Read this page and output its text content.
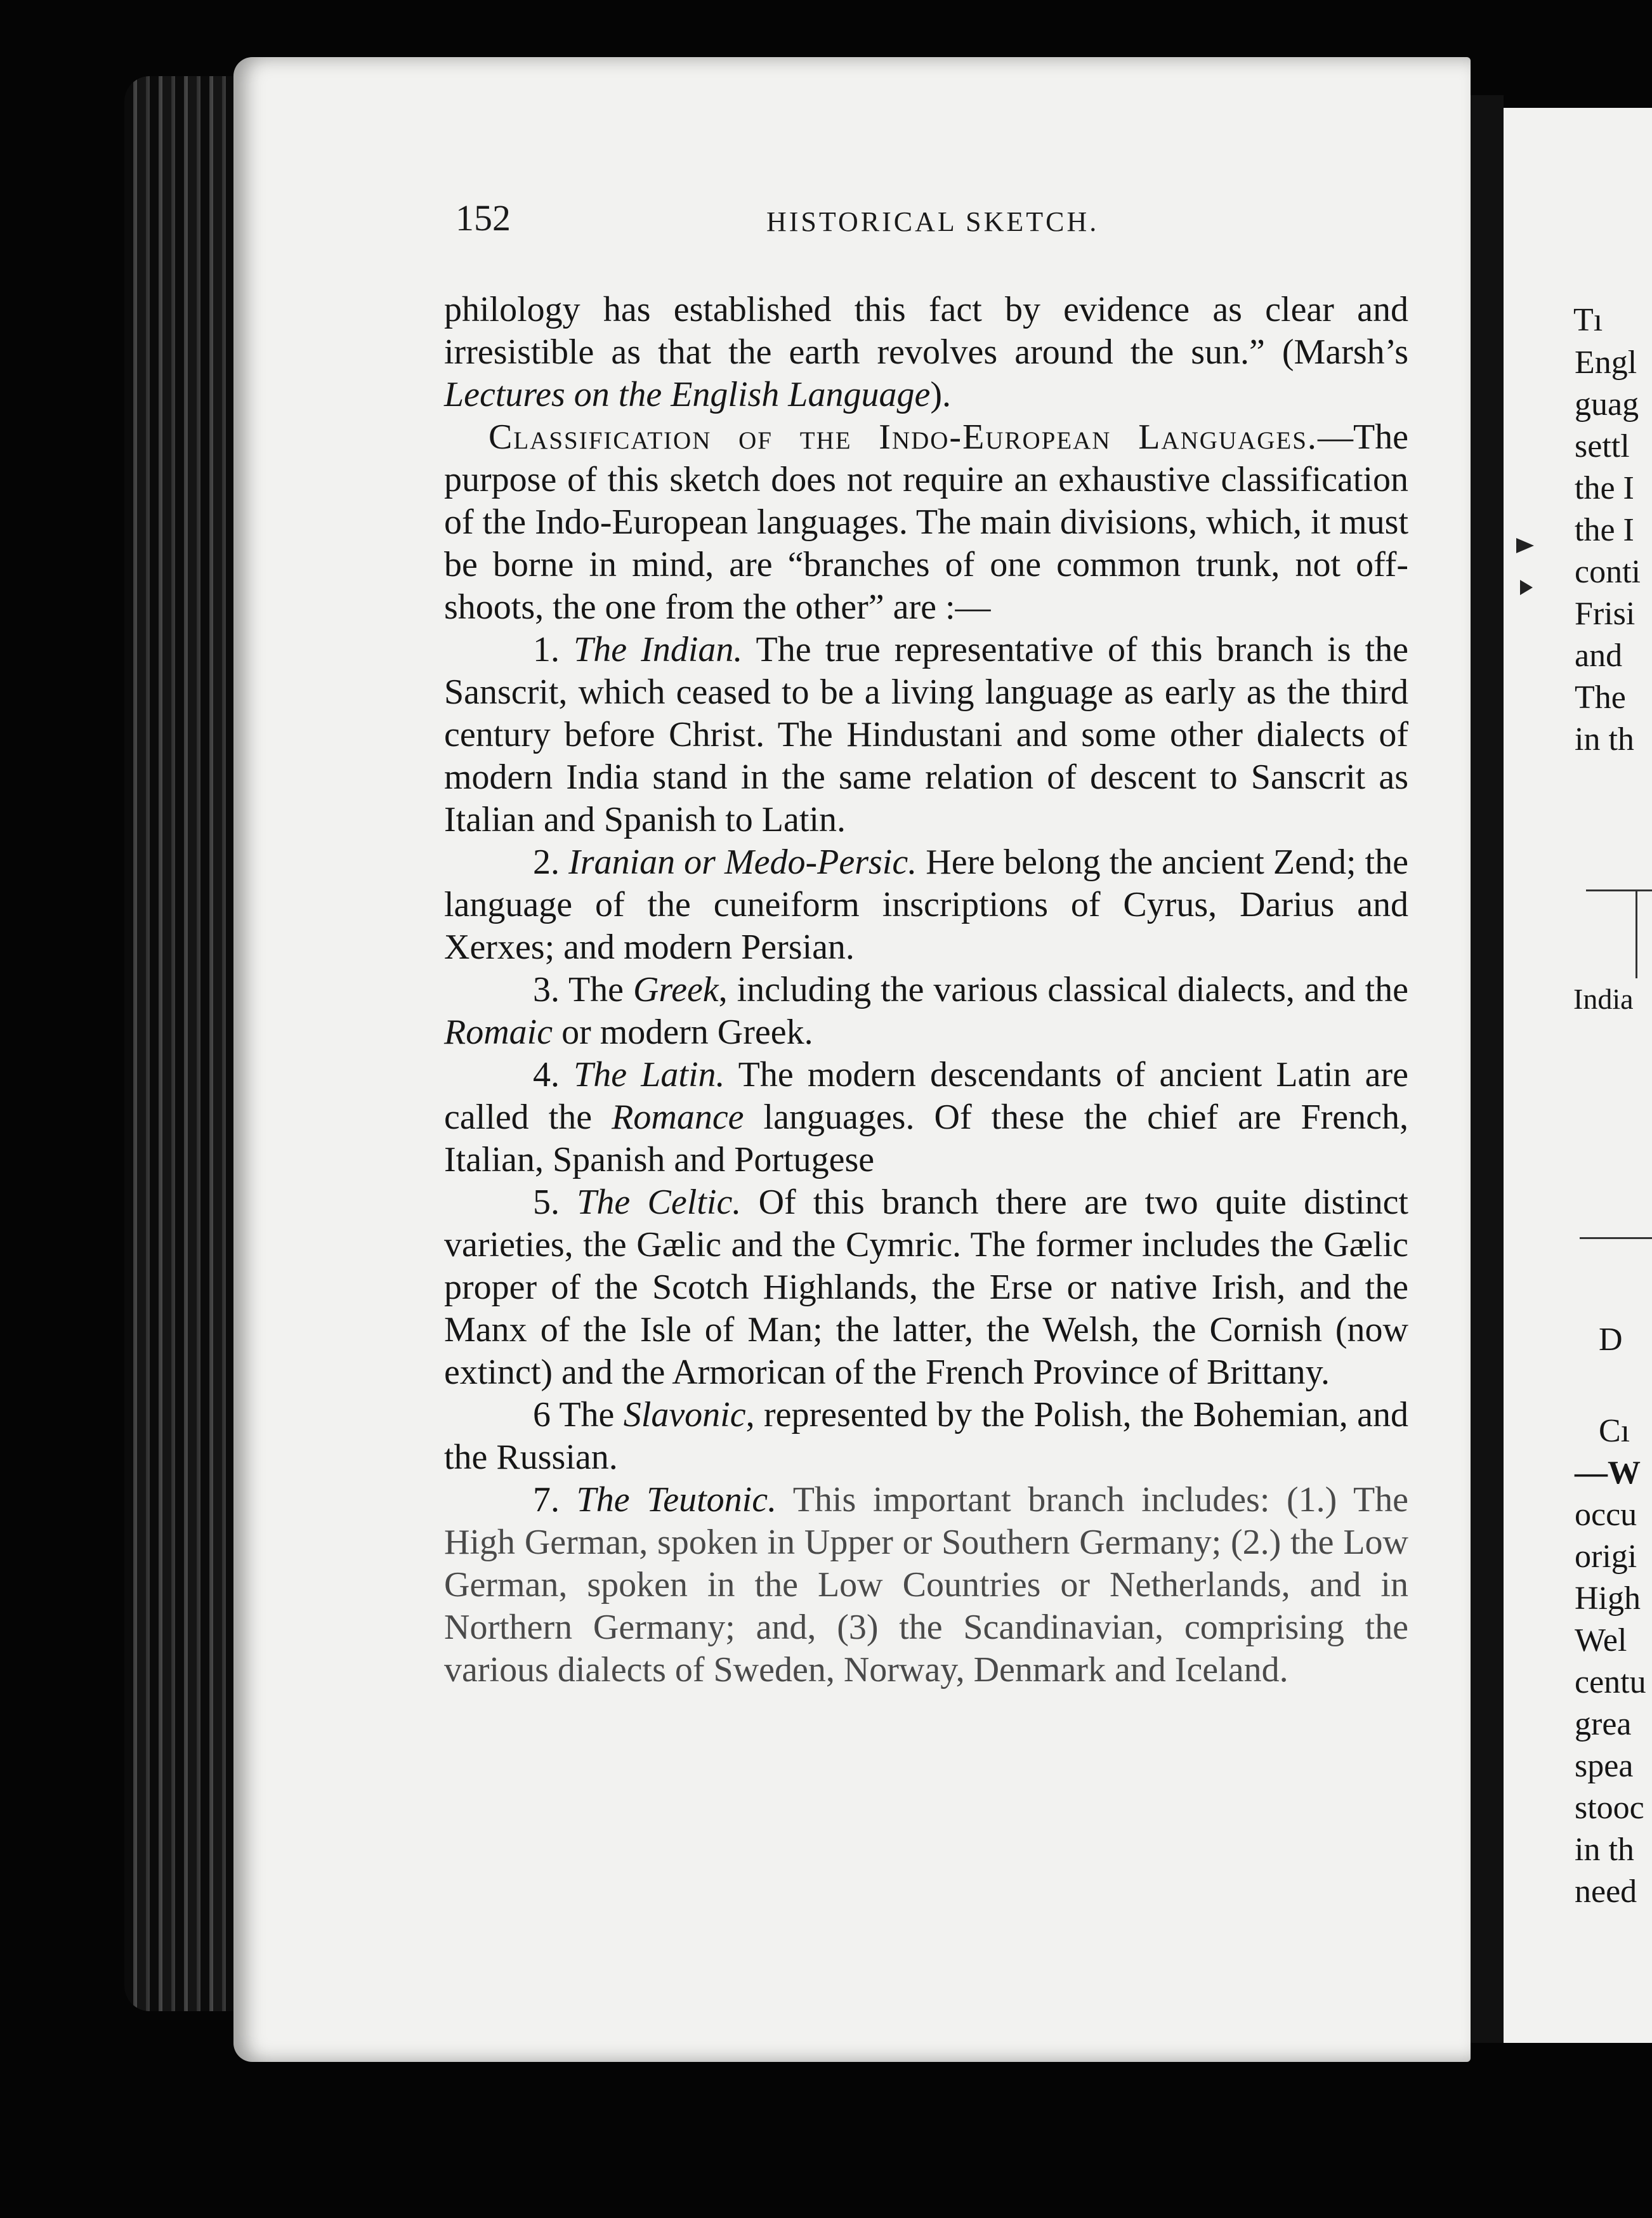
152	HISTORICAL SKETCH.

philology has established this fact by evidence as clear and irresistible as that the earth revolves around the sun.” (Marsh’s Lectures on the English Language).

Classification of the Indo-European Languages.—The purpose of this sketch does not require an exhaustive classification of the Indo-European languages. The main divisions, which, it must be borne in mind, are “branches of one common trunk, not off-shoots, the one from the other” are :—

1. The Indian. The true representative of this branch is the Sanscrit, which ceased to be a living language as early as the third century before Christ. The Hindustani and some other dialects of modern India stand in the same relation of descent to Sanscrit as Italian and Spanish to Latin.

2. Iranian or Medo-Persic. Here belong the ancient Zend; the language of the cuneiform inscriptions of Cyrus, Darius and Xerxes; and modern Persian.

3. The Greek, including the various classical dialects, and the Romaic or modern Greek.

4. The Latin. The modern descendants of ancient Latin are called the Romance languages. Of these the chief are French, Italian, Spanish and Portugese

5. The Celtic. Of this branch there are two quite distinct varieties, the Gælic and the Cymric. The former includes the Gælic proper of the Scotch Highlands, the Erse or native Irish, and the Manx of the Isle of Man; the latter, the Welsh, the Cornish (now extinct) and the Armorican of the French Province of Brittany.

6 The Slavonic, represented by the Polish, the Bohemian, and the Russian.

7. The Teutonic. This important branch includes: (1.) The High German, spoken in Upper or Southern Germany; (2.) the Low German, spoken in the Low Countries or Netherlands, and in Northern Germany; and, (3) the Scandinavian, comprising the various dialects of Sweden, Norway, Denmark and Iceland.

Tı
Engl
guag
settl
the I
the I
conti
Frisi
and
The
in th
India
D
Cı
—W
occu
origi
High
Wel
centu
grea
speа
stooc
in th
need
